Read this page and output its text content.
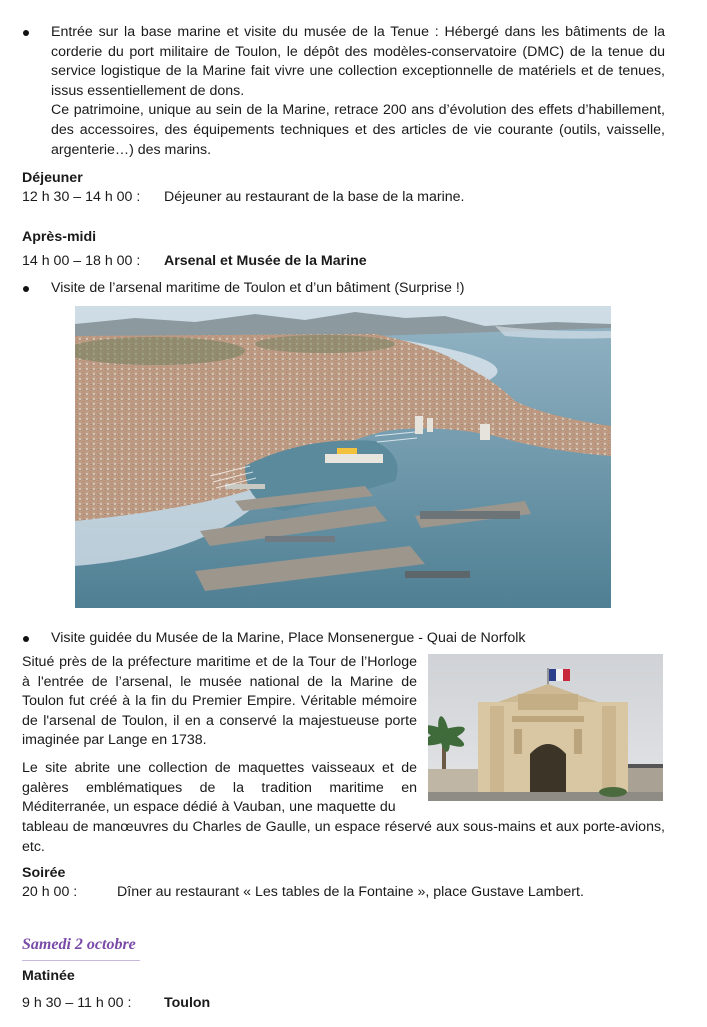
Entrée sur la base marine et visite du musée de la Tenue : Hébergé dans les bâtiments de la corderie du port militaire de Toulon, le dépôt des modèles-conservatoire (DMC) de la tenue du service logistique de la Marine fait vivre une collection exceptionnelle de matériels et de tenues, issus essentiellement de dons.

Ce patrimoine, unique au sein de la Marine, retrace 200 ans d’évolution des effets d’habillement, des accessoires, des équipements techniques et des articles de vie courante (outils, vaisselle, argenterie…) des marins.

Déjeuner
12 h 30 – 14 h 00 : Déjeuner au restaurant de la base de la marine.
Après-midi
14 h 00 – 18 h 00 : Arsenal et Musée de la Marine

Visite de l’arsenal maritime de Toulon et d’un bâtiment (Surprise !)

Visite guidée du Musée de la Marine, Place Monsenergue - Quai de Norfolk

Situé près de la préfecture maritime et de la Tour de l’Horloge à l'entrée de l’arsenal, le musée national de la Marine de Toulon fut créé à la fin du Premier Empire. Véritable mémoire de l'arsenal de Toulon, il en a conservé la majestueuse porte imaginée par Lange en 1738.

Le site abrite une collection de maquettes vaisseaux et de galères emblématiques de la tradition maritime en Méditerranée, un espace dédié à Vauban, une maquette du

tableau de manœuvres du Charles de Gaulle, un espace réservé aux sous-mains et aux porte-avions, etc.

Soirée
20 h 00 :	Dîner au restaurant « Les tables de la Fontaine », place Gustave Lambert.
Samedi 2 octobre
Matinée
9 h 30 – 11 h 00 : Toulon
